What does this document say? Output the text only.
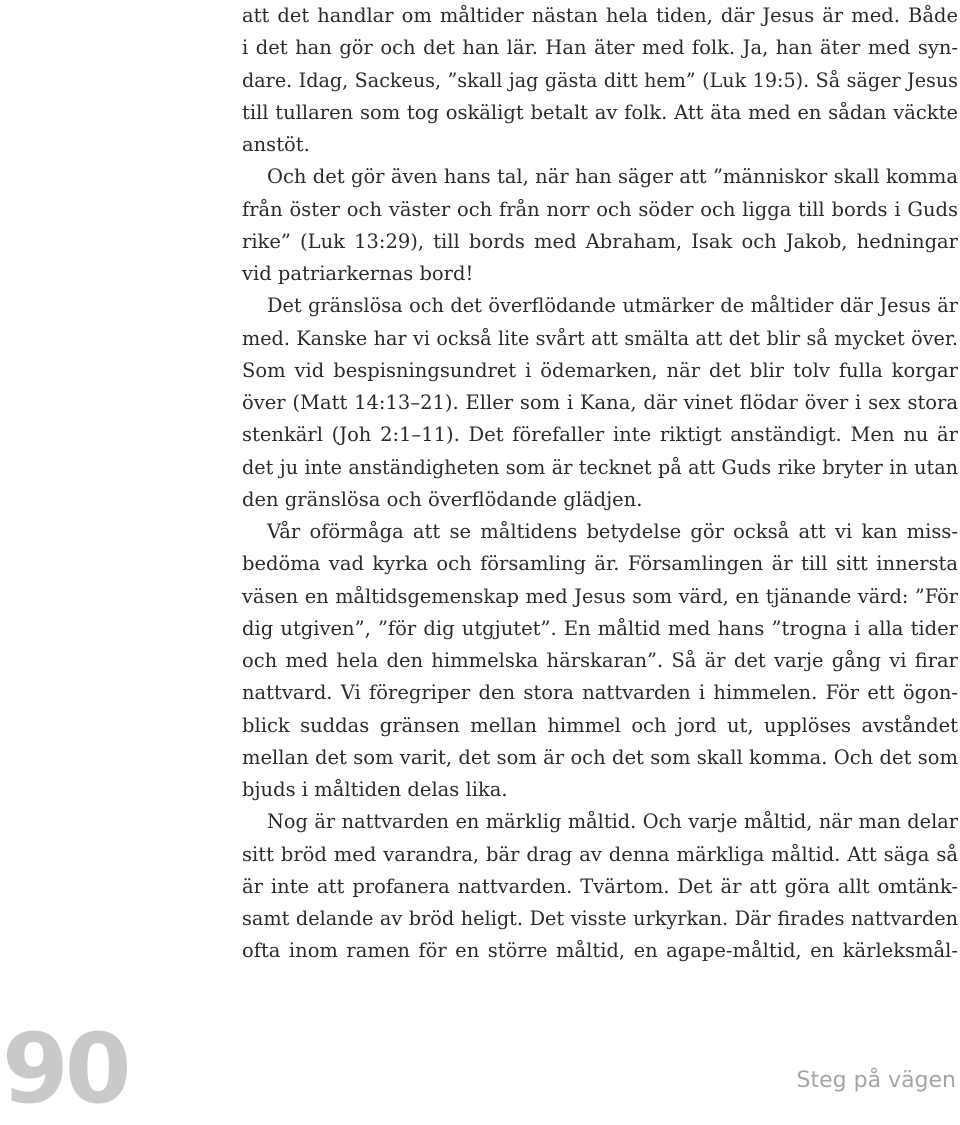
att det handlar om måltider nästan hela tiden, där Jesus är med. Både
i det han gör och det han lär. Han äter med folk. Ja, han äter med syn-
dare. Idag, Sackeus, ”skall jag gästa ditt hem” (Luk 19:5). Så säger Jesus
till tullaren som tog oskäligt betalt av folk. Att äta med en sådan väckte
anstöt.
Och det gör även hans tal, när han säger att ”människor skall komma
från öster och väster och från norr och söder och ligga till bords i Guds
rike” (Luk 13:29), till bords med Abraham, Isak och Jakob, hedningar
vid patriarkernas bord!
Det gränslösa och det överflödande utmärker de måltider där Jesus är
med. Kanske har vi också lite svårt att smälta att det blir så mycket över.
Som vid bespisningsundret i ödemarken, när det blir tolv fulla korgar
över (Matt 14:13–21). Eller som i Kana, där vinet flödar över i sex stora
stenkärl (Joh 2:1–11). Det förefaller inte riktigt anständigt. Men nu är
det ju inte anständigheten som är tecknet på att Guds rike bryter in utan
den gränslösa och överflödande glädjen.
Vår oförmåga att se måltidens betydelse gör också att vi kan miss-
bedöma vad kyrka och församling är. Församlingen är till sitt innersta
väsen en måltidsgemenskap med Jesus som värd, en tjänande värd: ”För
dig utgiven”, ”för dig utgjutet”. En måltid med hans ”trogna i alla tider
och med hela den himmelska härskaran”. Så är det varje gång vi firar
nattvard. Vi föregriper den stora nattvarden i himmelen. För ett ögon-
blick suddas gränsen mellan himmel och jord ut, upplöses avståndet
mellan det som varit, det som är och det som skall komma. Och det som
bjuds i måltiden delas lika.
Nog är nattvarden en märklig måltid. Och varje måltid, när man delar
sitt bröd med varandra, bär drag av denna märkliga måltid. Att säga så
är inte att profanera nattvarden. Tvärtom. Det är att göra allt omtänk-
samt delande av bröd heligt. Det visste urkyrkan. Där firades nattvarden
ofta inom ramen för en större måltid, en agape-måltid, en kärleksmål-
90	Steg på vägen
